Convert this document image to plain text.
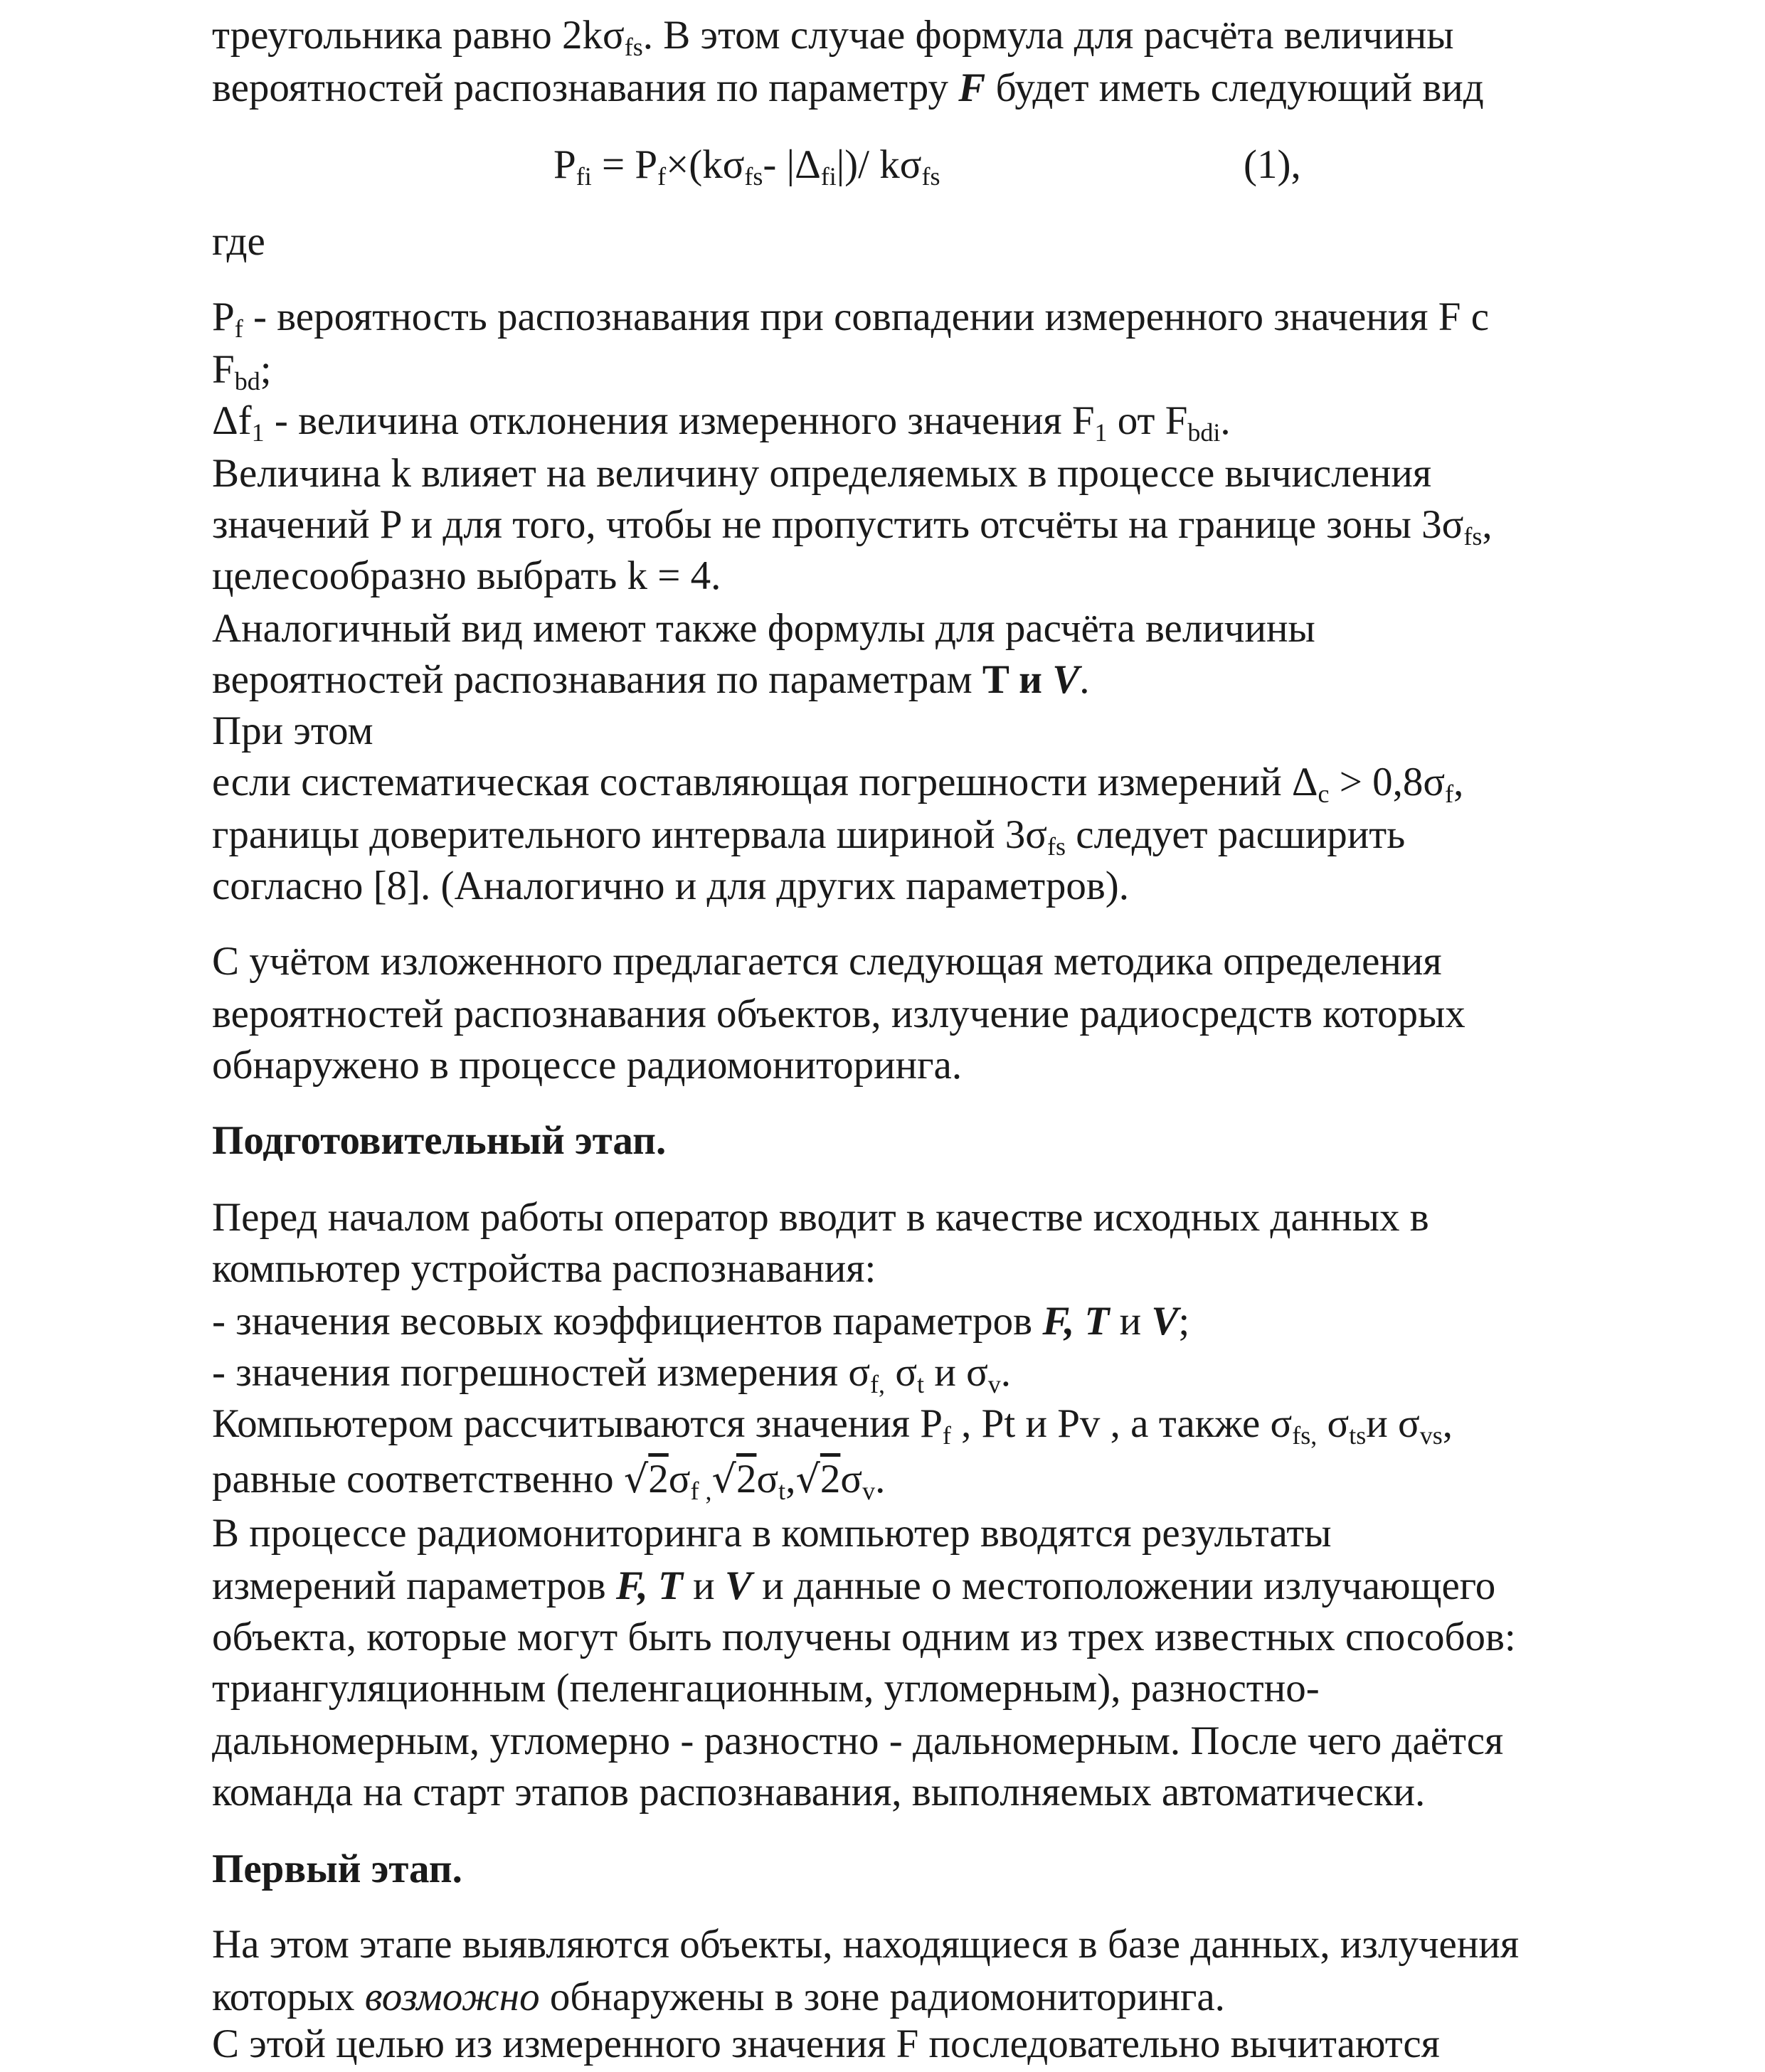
треугольника равно $2k\sigma_{fs}$. В этом случае формула для расчёта величины
вероятностей распознавания по параметру F будет иметь следующий вид
$P_{fi} = P_f\times(k\sigma_{fs}-$ $|\Delta_{fi}|)/$ $k\sigma_{fs}$	(1),
где
$P_f$ - вероятность распознавания при совпадении измеренного значения F с
$F_{bd}$;
$\Delta f_1$ - величина отклонения измеренного значения $F_1$ от $F_{bdi}$.
Величина k влияет на величину определяемых в процессе вычисления
значений P и для того, чтобы не пропустить отсчёты на границе зоны $3\sigma_{fs}$,
целесообразно выбрать k = 4.
Аналогичный вид имеют также формулы для расчёта величины
вероятностей распознавания по параметрам T и V.
При этом
если систематическая составляющая погрешности измерений $\Delta_c > 0,8\sigma_f$,
границы доверительного интервала шириной $3\sigma_{fs}$ следует расширить
согласно [8]. (Аналогично и для других параметров).
С учётом изложенного предлагается следующая методика определения
вероятностей распознавания объектов, излучение радиосредств которых
обнаружено в процессе радиомониторинга.
Подготовительный этап.
Перед началом работы оператор вводит в качестве исходных данных в
компьютер устройства распознавания:
- значения весовых коэффициентов параметров F, T и V;
- значения погрешностей измерения $\sigma_{f,}$ $\sigma_t$ и $\sigma_v$.
Компьютером рассчитываются значения $P_f$ , Pt и Pv , а также $\sigma_{fs,}$ $\sigma_{ts}и$ $\sigma_{vs}$,
равные соответственно $√2\sigma_{f ,}√2\sigma_t,√2\sigma_v$.
В процессе радиомониторинга в компьютер вводятся результаты
измерений параметров F, T и V и данные о местоположении излучающего
объекта, которые могут быть получены одним из трех известных способов:
триангуляционным (пеленгационным, угломерным), разностно-
дальномерным, угломерно - разностно - дальномерным. После чего даётся
команда на старт этапов распознавания, выполняемых автоматически.
Первый этап.
На этом этапе выявляются объекты, находящиеся в базе данных, излучения
которых возможно обнаружены в зоне радиомониторинга.
С этой целью из измеренного значения F последовательно вычитаются
